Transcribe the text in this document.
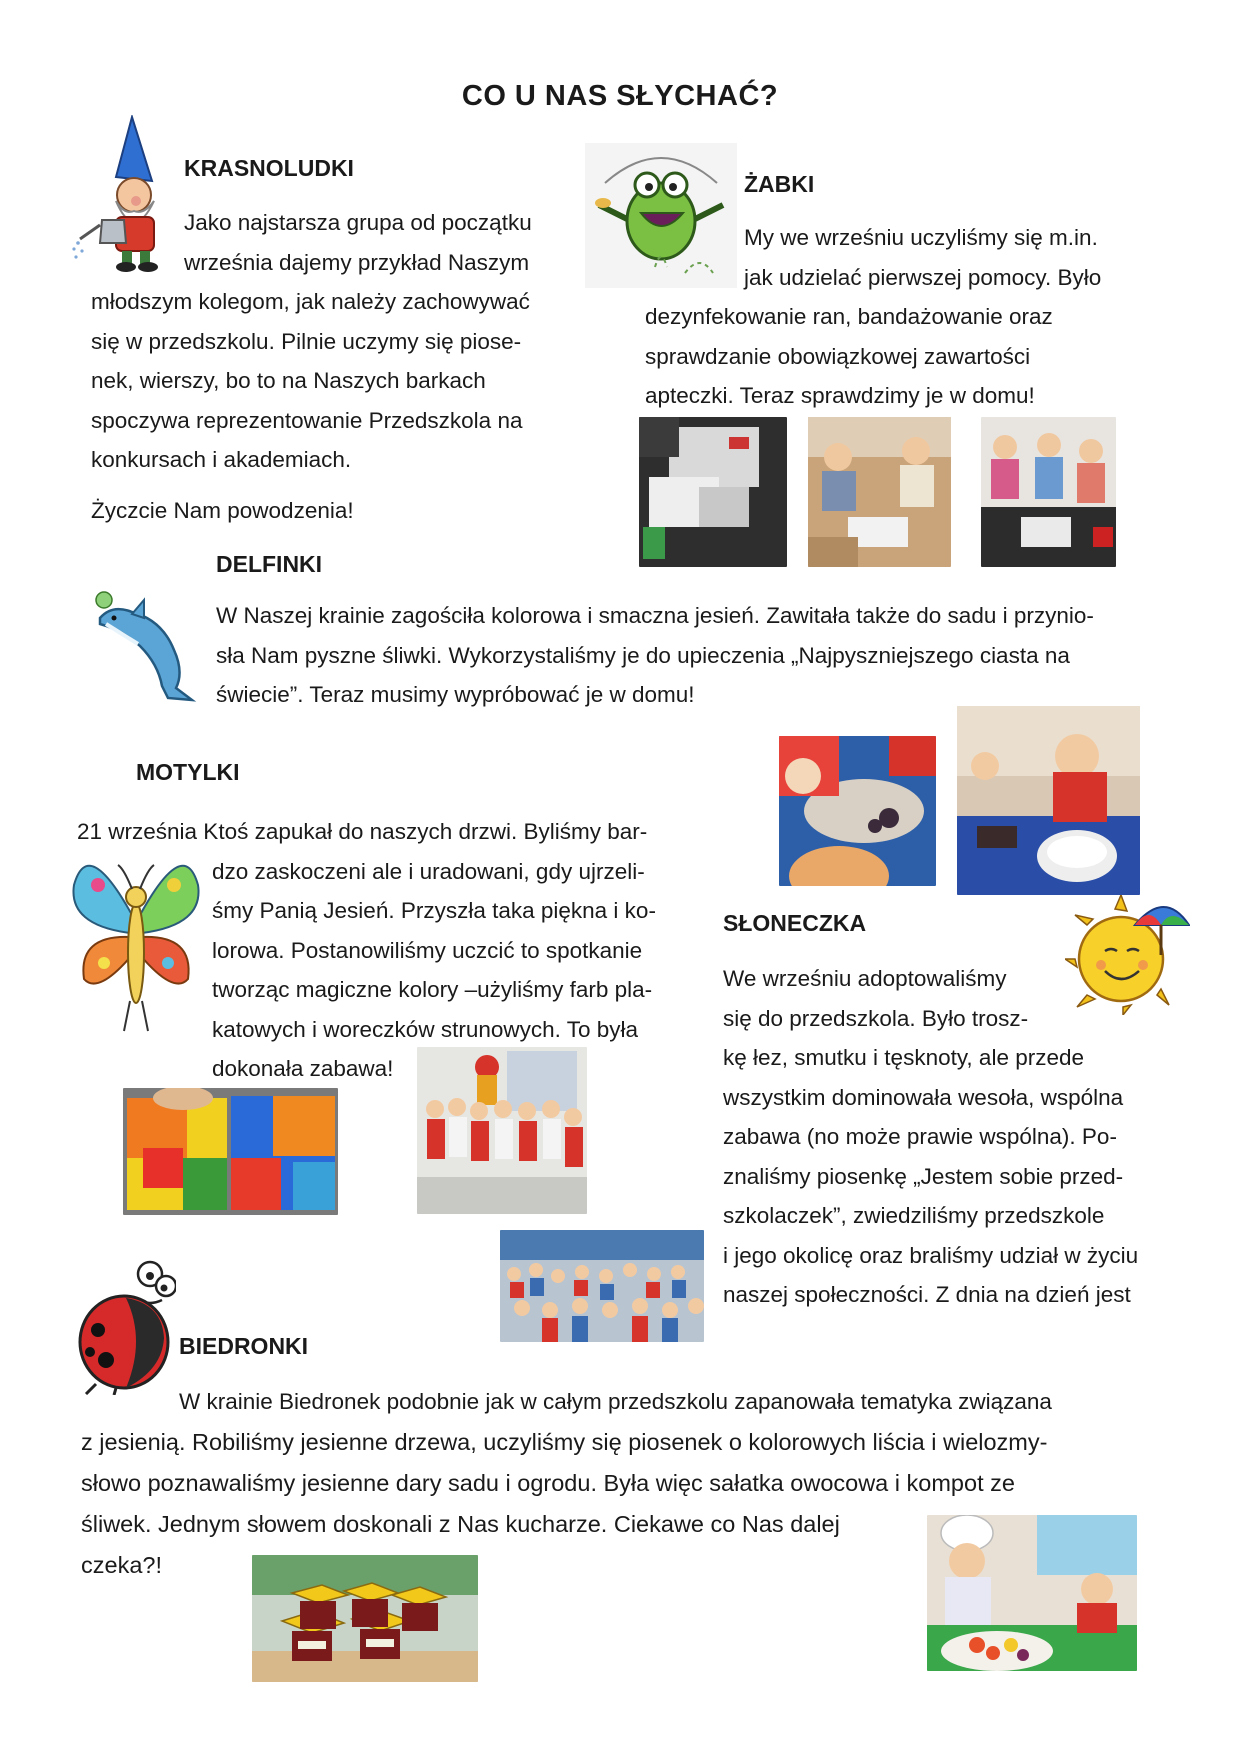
CO U NAS SŁYCHAĆ?
KRASNOLUDKI
Jako najstarsza grupa od początku
września dajemy przykład Naszym
młodszym kolegom, jak należy zachowywać
się w przedszkolu. Pilnie uczymy się piose-
nek, wierszy, bo to na Naszych barkach
spoczywa reprezentowanie Przedszkola na
konkursach i akademiach.
Życzcie Nam powodzenia!
ŻABKI
My we wrześniu uczyliśmy się m.in.
jak udzielać pierwszej pomocy. Było
dezynfekowanie ran, bandażowanie oraz
sprawdzanie obowiązkowej zawartości
apteczki. Teraz sprawdzimy je w domu!
DELFINKI
W Naszej krainie zagościła kolorowa i smaczna jesień. Zawitała także do sadu i przynio-
sła Nam pyszne śliwki. Wykorzystaliśmy je do upieczenia „Najpyszniejszego ciasta na
świecie”. Teraz musimy wypróbować je w domu!
MOTYLKI
21 września Ktoś zapukał do naszych drzwi. Byliśmy bar-
dzo zaskoczeni ale i uradowani, gdy ujrzeli-
śmy Panią Jesień. Przyszła taka piękna i ko-
lorowa. Postanowiliśmy uczcić to spotkanie
tworząc magiczne kolory –użyliśmy farb pla-
katowych i woreczków strunowych. To była
dokonała zabawa!
SŁONECZKA
We wrześniu adoptowaliśmy
się do przedszkola. Było trosz-
kę łez, smutku i tęsknoty, ale przede
wszystkim dominowała wesoła, wspólna
zabawa (no może prawie wspólna). Po-
znaliśmy piosenkę „Jestem sobie przed-
szkolaczek”, zwiedziliśmy przedszkole
i jego okolicę oraz braliśmy udział w życiu
naszej społeczności. Z dnia na dzień jest
BIEDRONKI
W krainie Biedronek podobnie jak w całym przedszkolu zapanowała tematyka związana
z jesienią. Robiliśmy jesienne drzewa, uczyliśmy się piosenek o kolorowych liścia i wielozmy-
słowo poznawaliśmy jesienne dary sadu i ogrodu. Była więc sałatka owocowa i kompot ze
śliwek. Jednym słowem doskonali z Nas kucharze. Ciekawe co Nas dalej
czeka?!
